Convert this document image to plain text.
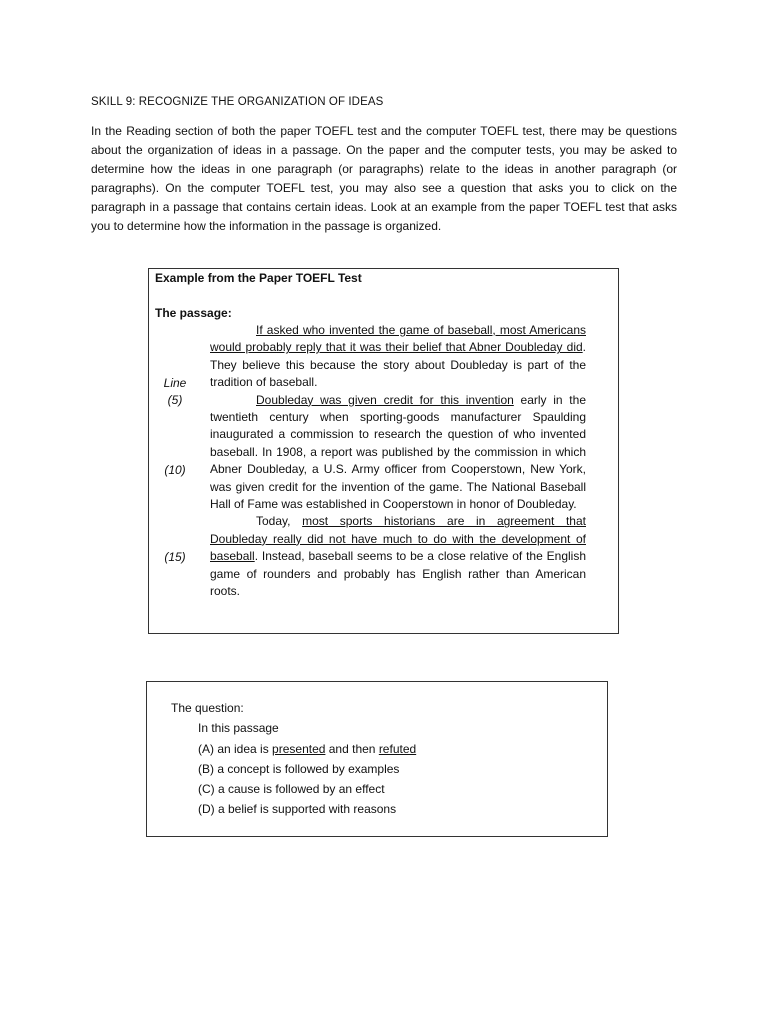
SKILL 9: RECOGNIZE THE ORGANIZATION OF IDEAS
In the Reading section of both the paper TOEFL test and the computer TOEFL test, there may be questions about the organization of ideas in a passage. On the paper and the computer tests, you may be asked to determine how the ideas in one paragraph (or paragraphs) relate to the ideas in another paragraph (or paragraphs). On the computer TOEFL test, you may also see a question that asks you to click on the paragraph in a passage that contains certain ideas. Look at an example from the paper TOEFL test that asks you to determine how the information in the passage is organized.
Example from the Paper TOEFL Test
The passage:
Line
(5)
(10)
(15)

If asked who invented the game of baseball, most Americans would probably reply that it was their belief that Abner Doubleday did. They believe this because the story about Doubleday is part of the tradition of baseball.

Doubleday was given credit for this invention early in the twentieth century when sporting-goods manufacturer Spaulding inaugurated a commission to research the question of who invented baseball. In 1908, a report was published by the commission in which Abner Doubleday, a U.S. Army officer from Cooperstown, New York, was given credit for the invention of the game. The National Baseball Hall of Fame was established in Cooperstown in honor of Doubleday.

Today, most sports historians are in agreement that Doubleday really did not have much to do with the development of baseball. Instead, baseball seems to be a close relative of the English game of rounders and probably has English rather than American roots.

The question:
In this passage
(A) an idea is presented and then refuted
(B) a concept is followed by examples
(C) a cause is followed by an effect
(D) a belief is supported with reasons
